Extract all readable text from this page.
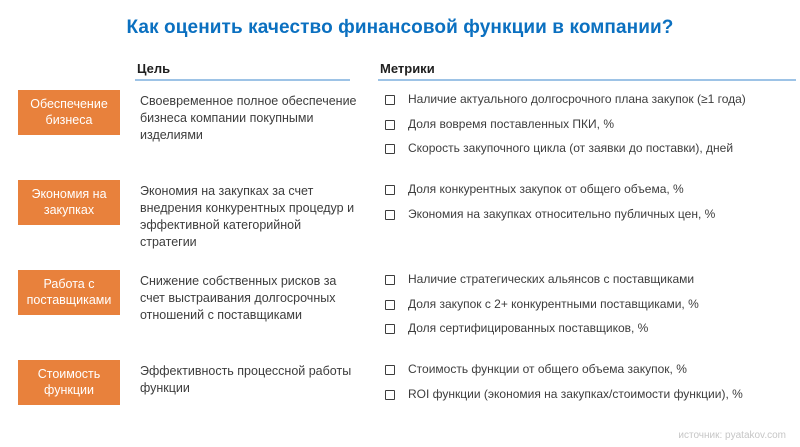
Как оценить качество финансовой функции в компании?
Цель	Метрики
Обеспечение бизнеса
Своевременное полное обеспечение бизнеса компании покупными изделиями
Наличие актуального долгосрочного плана закупок (≥1 года)
Доля вовремя поставленных ПКИ, %
Скорость закупочного цикла (от заявки до поставки), дней
Экономия на закупках
Экономия на закупках за счет внедрения конкурентных процедур и эффективной категорийной стратегии
Доля конкурентных закупок от общего объема, %
Экономия на закупках относительно публичных цен, %
Работа с поставщиками
Снижение собственных рисков за счет выстраивания долгосрочных отношений с поставщиками
Наличие стратегических альянсов с поставщиками
Доля закупок с 2+ конкурентными поставщиками, %
Доля сертифицированных поставщиков, %
Стоимость функции
Эффективность процессной работы функции
Стоимость функции от общего объема закупок, %
ROI функции (экономия на закупках/стоимости функции), %
источник: pyatakov.com
